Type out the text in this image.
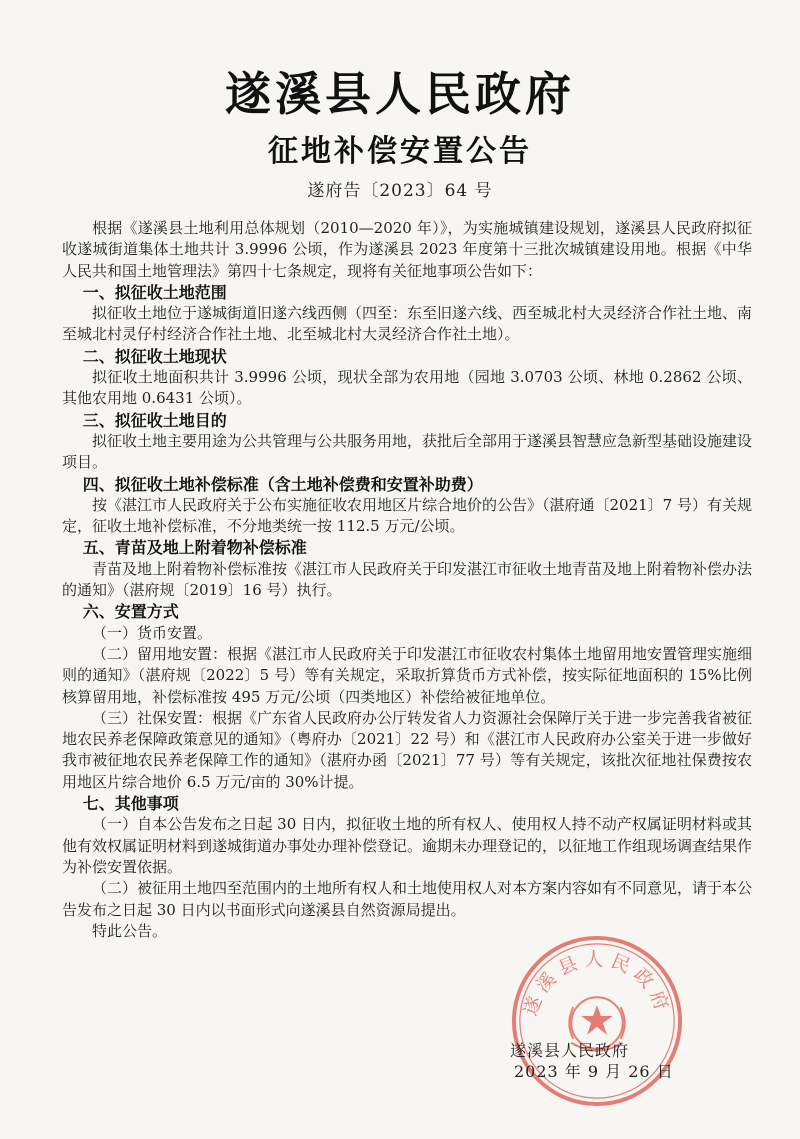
遂溪县人民政府
征地补偿安置公告
遂府告〔2023〕64 号

根据《遂溪县土地利用总体规划（2010—2020 年）》，为实施城镇建设规划，遂溪县人民政府拟征收遂城街道集体土地共计 3.9996 公顷，作为遂溪县 2023 年度第十三批次城镇建设用地。根据《中华人民共和国土地管理法》第四十七条规定，现将有关征地事项公告如下：

一、拟征收土地范围

拟征收土地位于遂城街道旧遂六线西侧（四至：东至旧遂六线、西至城北村大灵经济合作社土地、南至城北村灵仔村经济合作社土地、北至城北村大灵经济合作社土地）。

二、拟征收土地现状

拟征收土地面积共计 3.9996 公顷，现状全部为农用地（园地 3.0703 公顷、林地 0.2862 公顷、其他农用地 0.6431 公顷）。

三、拟征收土地目的

拟征收土地主要用途为公共管理与公共服务用地，获批后全部用于遂溪县智慧应急新型基础设施建设项目。

四、拟征收土地补偿标准（含土地补偿费和安置补助费）

按《湛江市人民政府关于公布实施征收农用地区片综合地价的公告》（湛府通〔2021〕7 号）有关规定，征收土地补偿标准，不分地类统一按 112.5 万元/公顷。

五、青苗及地上附着物补偿标准

青苗及地上附着物补偿标准按《湛江市人民政府关于印发湛江市征收土地青苗及地上附着物补偿办法的通知》（湛府规〔2019〕16 号）执行。

六、安置方式

（一）货币安置。

（二）留用地安置：根据《湛江市人民政府关于印发湛江市征收农村集体土地留用地安置管理实施细则的通知》（湛府规〔2022〕5 号）等有关规定，采取折算货币方式补偿，按实际征地面积的 15%比例核算留用地，补偿标准按 495 万元/公顷（四类地区）补偿给被征地单位。

（三）社保安置：根据《广东省人民政府办公厅转发省人力资源社会保障厅关于进一步完善我省被征地农民养老保障政策意见的通知》（粤府办〔2021〕22 号）和《湛江市人民政府办公室关于进一步做好我市被征地农民养老保障工作的通知》（湛府办函〔2021〕77 号）等有关规定，该批次征地社保费按农用地区片综合地价 6.5 万元/亩的 30%计提。

七、其他事项

（一）自本公告发布之日起 30 日内，拟征收土地的所有权人、使用权人持不动产权属证明材料或其他有效权属证明材料到遂城街道办事处办理补偿登记。逾期未办理登记的，以征地工作组现场调查结果作为补偿安置依据。

（二）被征用土地四至范围内的土地所有权人和土地使用权人对本方案内容如有不同意见，请于本公告发布之日起 30 日内以书面形式向遂溪县自然资源局提出。

特此公告。

遂溪县人民政府
遂溪县人民政府
2023 年 9 月 26 日
